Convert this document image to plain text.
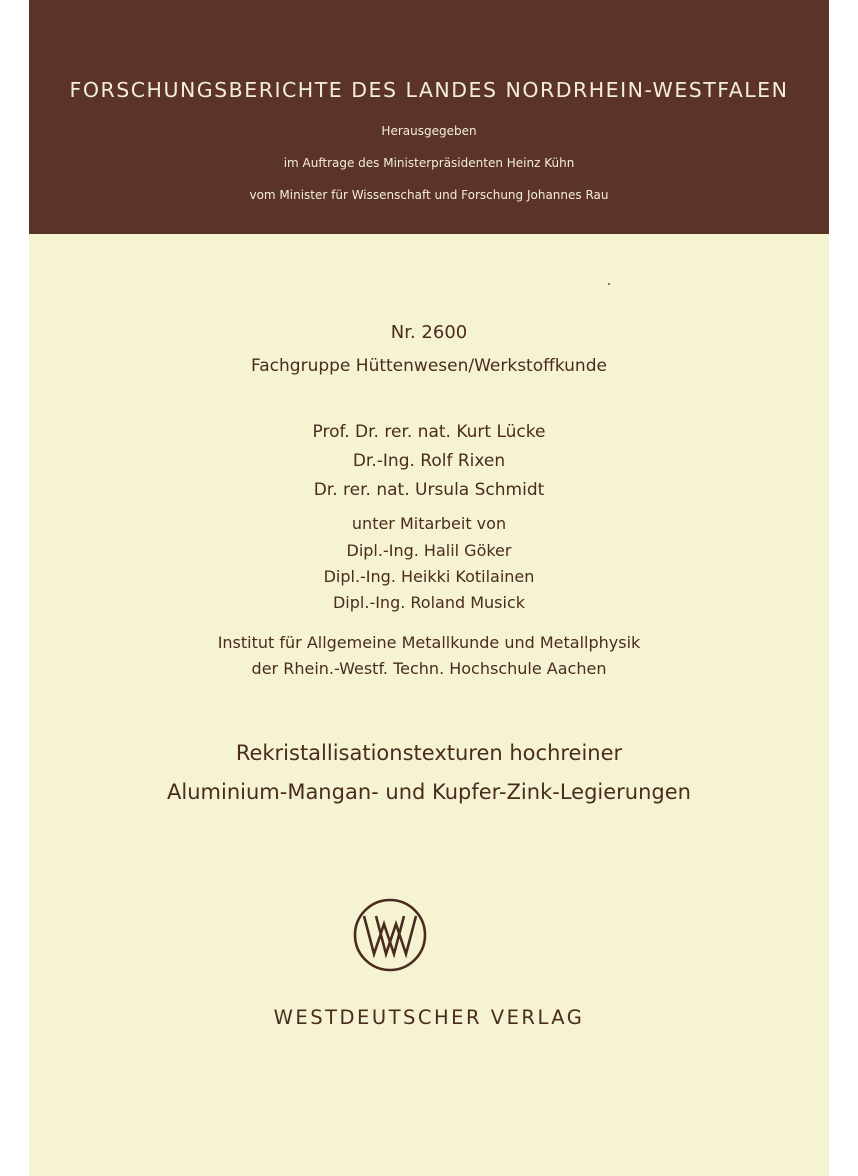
FORSCHUNGSBERICHTE DES LANDES NORDRHEIN-WESTFALEN
Herausgegeben
im Auftrage des Ministerpräsidenten Heinz Kühn
vom Minister für Wissenschaft und Forschung Johannes Rau
Nr. 2600
Fachgruppe Hüttenwesen/Werkstoffkunde
Prof. Dr. rer. nat. Kurt Lücke
Dr.-Ing. Rolf Rixen
Dr. rer. nat. Ursula Schmidt
unter Mitarbeit von
Dipl.-Ing. Halil Göker
Dipl.-Ing. Heikki Kotilainen
Dipl.-Ing. Roland Musick
Institut für Allgemeine Metallkunde und Metallphysik
der Rhein.-Westf. Techn. Hochschule Aachen
Rekristallisationstexturen hochreiner
Aluminium-Mangan- und Kupfer-Zink-Legierungen
WESTDEUTSCHER VERLAG
